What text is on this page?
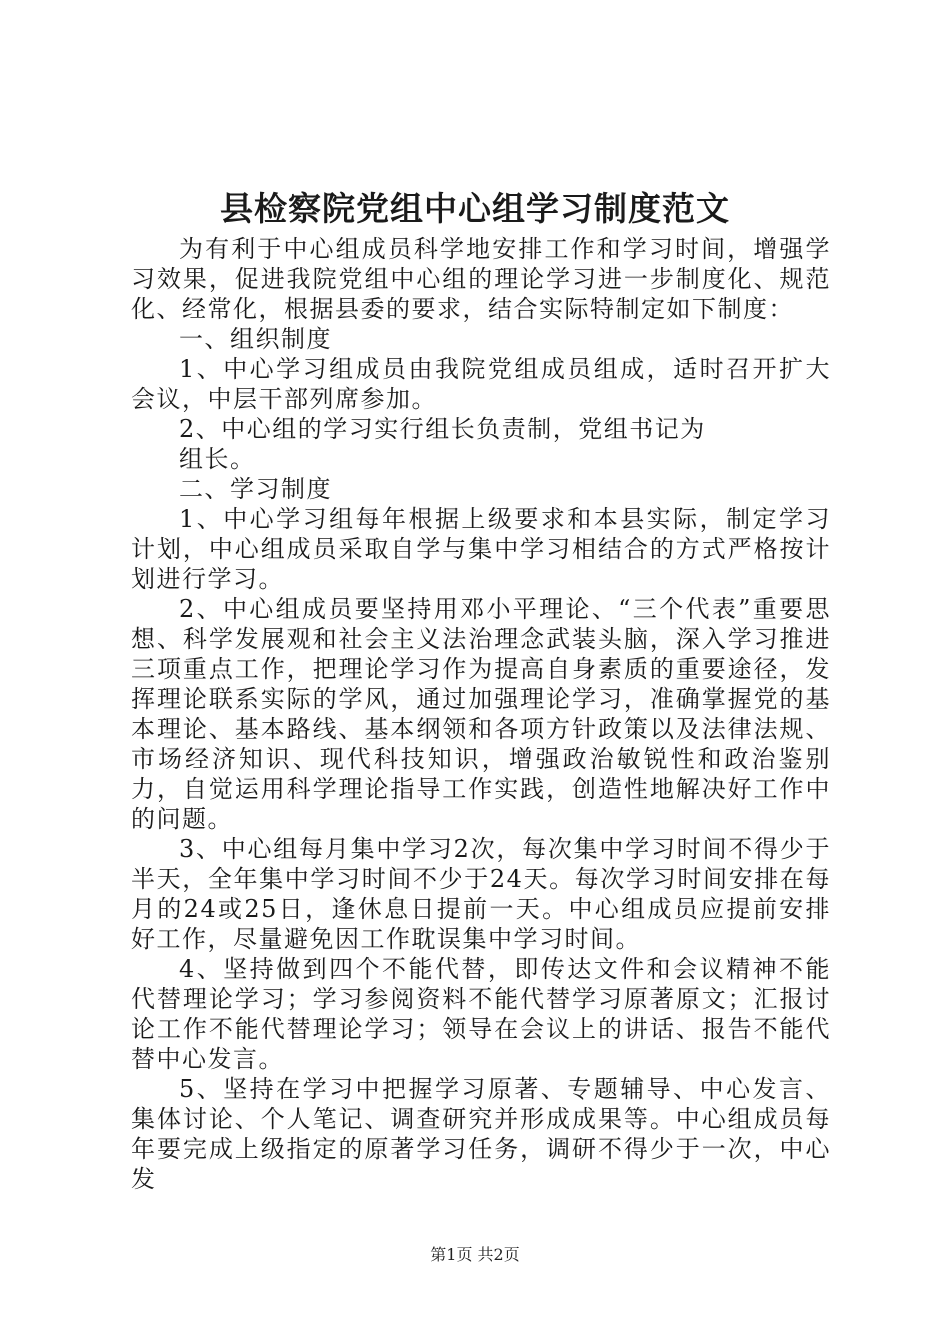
县检察院党组中心组学习制度范文

为有利于中心组成员科学地安排工作和学习时间，增强学习效果，促进我院党组中心组的理论学习进一步制度化、规范化、经常化，根据县委的要求，结合实际特制定如下制度：

一、组织制度

1、中心学习组成员由我院党组成员组成，适时召开扩大会议，中层干部列席参加。

2、中心组的学习实行组长负责制，党组书记为

组长。

二、学习制度

1、中心学习组每年根据上级要求和本县实际，制定学习计划，中心组成员采取自学与集中学习相结合的方式严格按计划进行学习。

2、中心组成员要坚持用邓小平理论、“三个代表”重要思想、科学发展观和社会主义法治理念武装头脑，深入学习推进三项重点工作，把理论学习作为提高自身素质的重要途径，发挥理论联系实际的学风，通过加强理论学习，准确掌握党的基本理论、基本路线、基本纲领和各项方针政策以及法律法规、市场经济知识、现代科技知识，增强政治敏锐性和政治鉴别力，自觉运用科学理论指导工作实践，创造性地解决好工作中的问题。

3、中心组每月集中学习2次，每次集中学习时间不得少于半天，全年集中学习时间不少于24天。每次学习时间安排在每月的24或25日，逢休息日提前一天。中心组成员应提前安排好工作，尽量避免因工作耽误集中学习时间。

4、坚持做到四个不能代替，即传达文件和会议精神不能代替理论学习；学习参阅资料不能代替学习原著原文；汇报讨论工作不能代替理论学习；领导在会议上的讲话、报告不能代替中心发言。

5、坚持在学习中把握学习原著、专题辅导、中心发言、集体讨论、个人笔记、调查研究并形成成果等。中心组成员每年要完成上级指定的原著学习任务，调研不得少于一次，中心发

第1页 共2页
